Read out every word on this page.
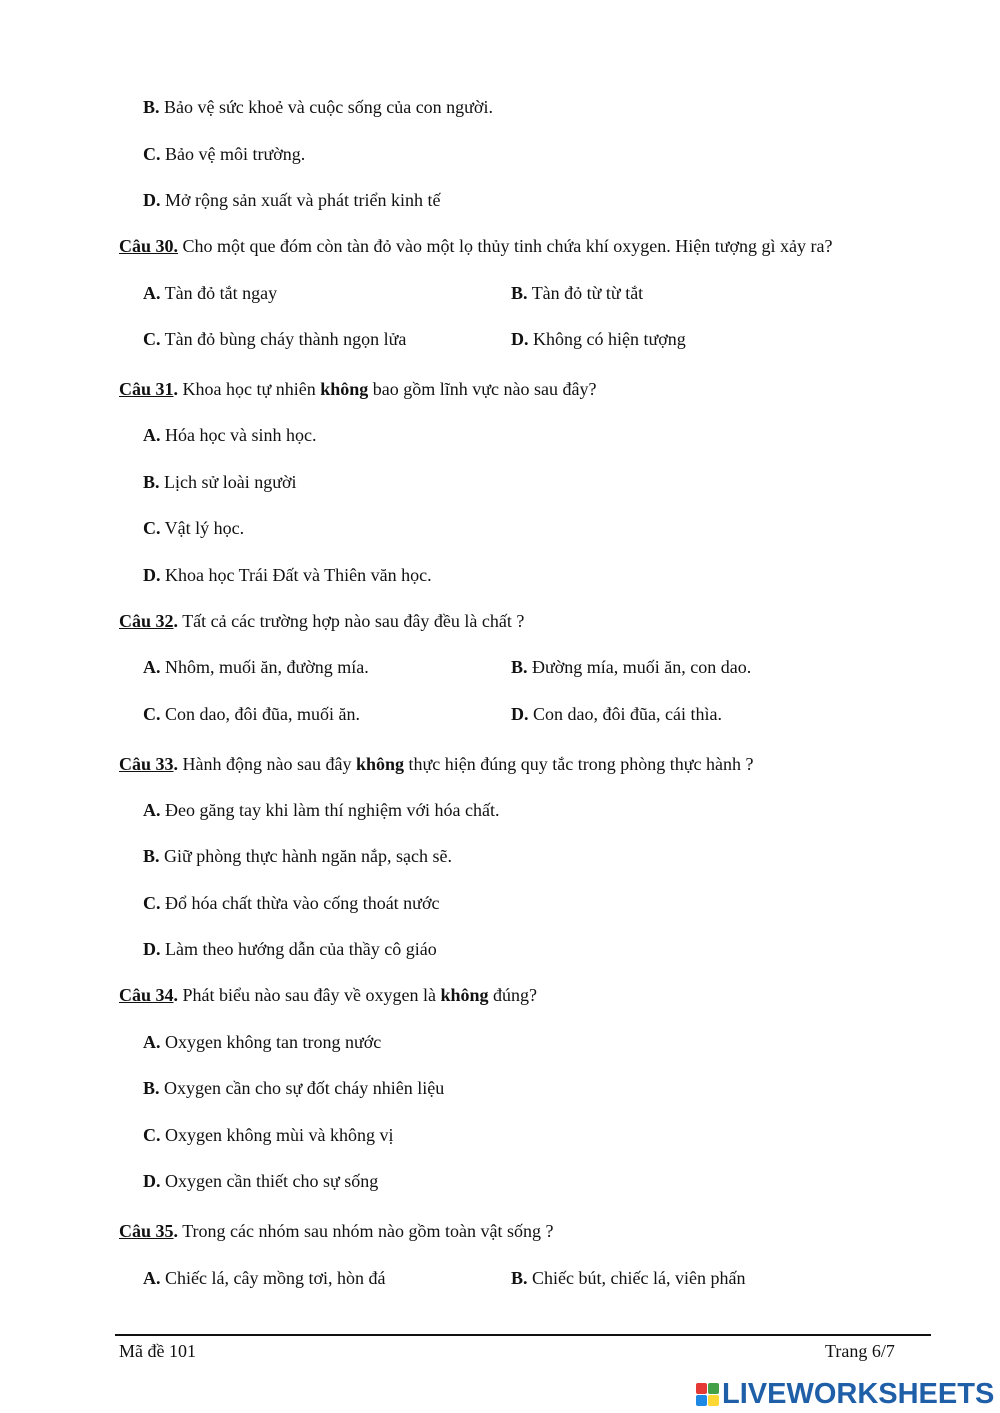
B. Bảo vệ sức khoẻ và cuộc sống của con người.
C. Bảo vệ môi trường.
D. Mở rộng sản xuất và phát triển kinh tế
Câu 30. Cho một que đóm còn tàn đỏ vào một lọ thủy tinh chứa khí oxygen. Hiện tượng gì xảy ra?
A. Tàn đỏ tắt ngay	B. Tàn đỏ từ từ tắt
C. Tàn đỏ bùng cháy thành ngọn lửa	D. Không có hiện tượng
Câu 31. Khoa học tự nhiên không bao gồm lĩnh vực nào sau đây?
A. Hóa học và sinh học.
B. Lịch sử loài người
C. Vật lý học.
D. Khoa học Trái Đất và Thiên văn học.
Câu 32. Tất cả các trường hợp nào sau đây đều là chất ?
A. Nhôm, muối ăn, đường mía.	B. Đường mía, muối ăn, con dao.
C. Con dao, đôi đũa, muối ăn.	D. Con dao, đôi đũa, cái thìa.
Câu 33. Hành động nào sau đây không thực hiện đúng quy tắc trong phòng thực hành ?
A. Đeo găng tay khi làm thí nghiệm với hóa chất.
B. Giữ phòng thực hành ngăn nắp, sạch sẽ.
C. Đổ hóa chất thừa vào cống thoát nước
D. Làm theo hướng dẫn của thầy cô giáo
Câu 34. Phát biểu nào sau đây về oxygen là không đúng?
A. Oxygen không tan trong nước
B. Oxygen cần cho sự đốt cháy nhiên liệu
C. Oxygen không mùi và không vị
D. Oxygen cần thiết cho sự sống
Câu 35. Trong các nhóm sau nhóm nào gồm toàn vật sống ?
A. Chiếc lá, cây mồng tơi, hòn đá	B. Chiếc bút, chiếc lá, viên phấn
Mã đề 101	Trang 6/7
LIVEWORKSHEETS
